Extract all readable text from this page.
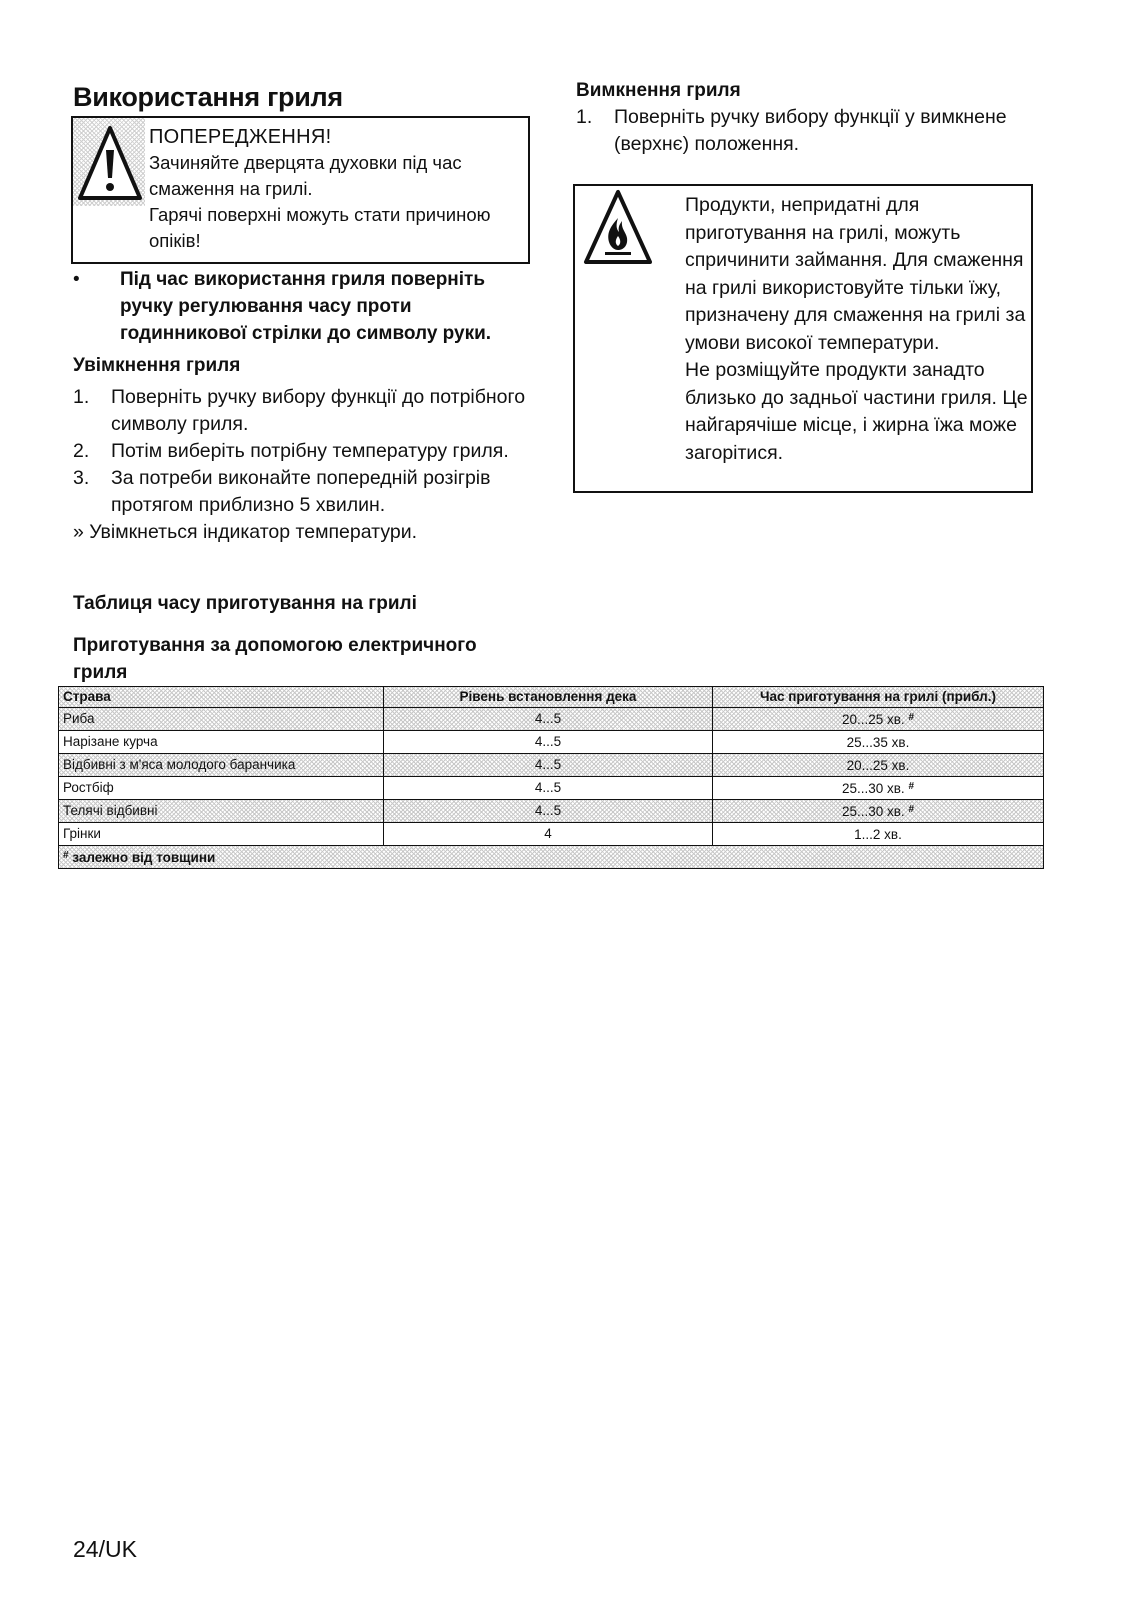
Використання гриля
ПОПЕРЕДЖЕННЯ!
Зачиняйте дверцята духовки під час смаження на грилі.
Гарячі поверхні можуть стати причиною опіків!
• Під час використання гриля поверніть ручку регулювання часу проти годинникової стрілки до символу руки.
Увімкнення гриля
1. Поверніть ручку вибору функції до потрібного символу гриля.
2. Потім виберіть потрібну температуру гриля.
3. За потреби виконайте попередній розігрів протягом приблизно 5 хвилин.
» Увімкнеться індикатор температури.
Вимкнення гриля
1. Поверніть ручку вибору функції у вимкнене (верхнє) положення.
Продукти, непридатні для приготування на грилі, можуть спричинити займання. Для смаження на грилі використовуйте тільки їжу, призначену для смаження на грилі за умови високої температури.
Не розміщуйте продукти занадто близько до задньої частини гриля. Це найгарячіше місце, і жирна їжа може загорітися.
Таблиця часу приготування на грилі
Приготування за допомогою електричного гриля
Страва	Рівень встановлення дека	Час приготування на грилі (прибл.)
Риба	4...5	20...25 хв. #
Нарізане курча	4...5	25...35 хв.
Відбивні з м'яса молодого баранчика	4...5	20...25 хв.
Ростбіф	4...5	25...30 хв. #
Телячі відбивні	4...5	25...30 хв. #
Грінки	4	1...2 хв.
# залежно від товщини		
24/UK
